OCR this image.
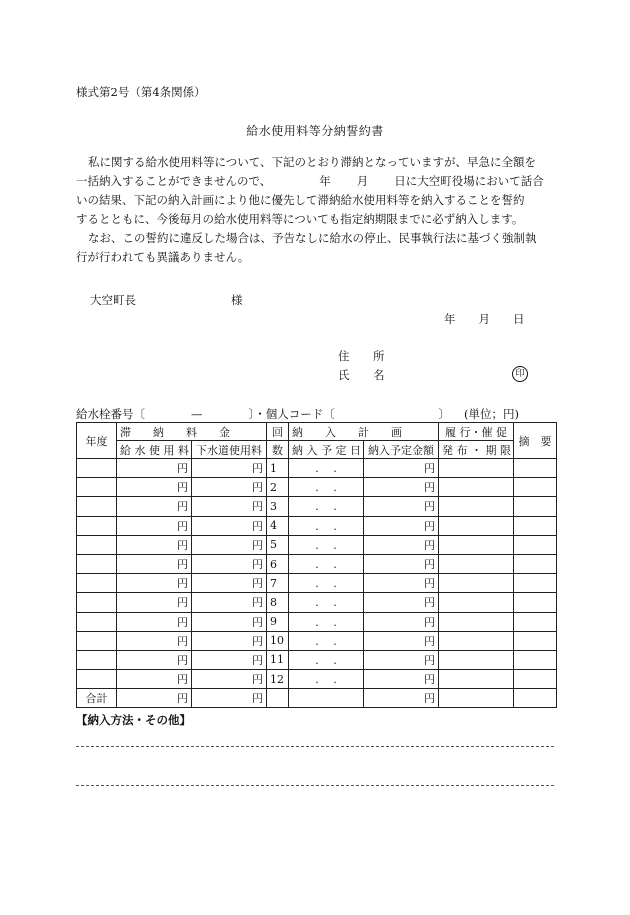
様式第2号（第4条関係）
給水使用料等分納誓約書
私に関する給水使用料等について、下記のとおり滞納となっていますが、早急に全額を
一括納入することができませんので、	年 月 日に大空町役場において話合
いの結果、下記の納入計画により他に優先して滞納給水使用料等を納入することを誓約
するとともに、今後毎月の給水使用料等についても指定納期限までに必ず納入します。
なお、この誓約に違反した場合は、予告なしに給水の停止、民事執行法に基づく強制執
行が行われても異議ありません。
大空町長	様
年 月 日
住　所
氏　名	印
給水栓番号〔　　　　—　　　　〕・個人コード〔　　　　　　　　　〕 (単位；円)
年度	滞　　納　　料　　金		回	納　　入　　計　　画		履 行・催 促	摘　要
	給 水 使 用 料	下水道使用料	数	納 入 予 定 日	納入予定金額	発 布 ・ 期 限	
	円	円	1	.　 .	円		
	円	円	2	.　 .	円		
	円	円	3	.　 .	円		
	円	円	4	.　 .	円		
	円	円	5	.　 .	円		
	円	円	6	.　 .	円		
	円	円	7	.　 .	円		
	円	円	8	.　 .	円		
	円	円	9	.　 .	円		
	円	円	10	.　 .	円		
	円	円	11	.　 .	円		
	円	円	12	.　 .	円		
合計	円	円			円		
【納入方法・その他】
